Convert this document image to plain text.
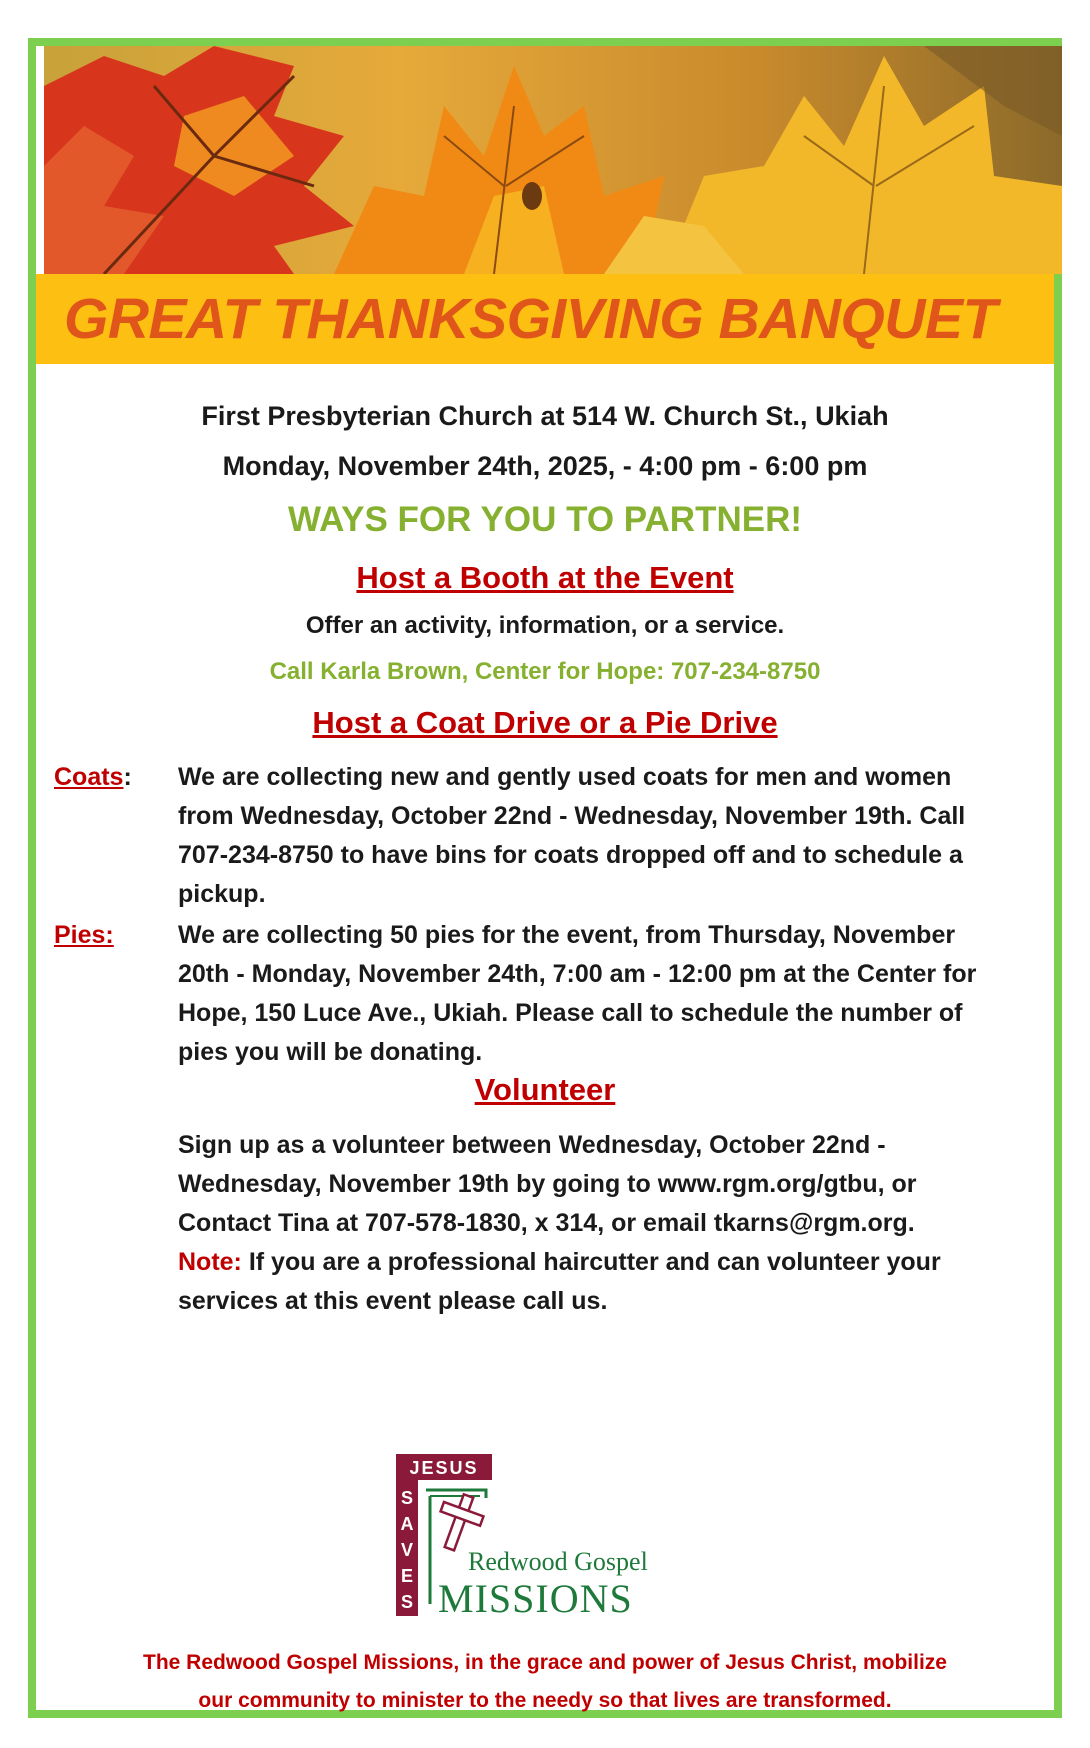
GREAT THANKSGIVING BANQUET
First Presbyterian Church at 514 W. Church St., Ukiah
Monday, November 24th, 2025, - 4:00 pm - 6:00 pm
WAYS FOR YOU TO PARTNER!
Host a Booth at the Event
Offer an activity, information, or a service.
Call Karla Brown, Center for Hope: 707-234-8750
Host a Coat Drive or a Pie Drive
Coats: We are collecting new and gently used coats for men and women from Wednesday, October 22nd - Wednesday, November 19th. Call 707-234-8750 to have bins for coats dropped off and to schedule a pickup.
Pies:	We are collecting 50 pies for the event, from Thursday, November 20th - Monday, November 24th, 7:00 am - 12:00 pm at the Center for Hope, 150 Luce Ave., Ukiah. Please call to schedule the number of pies you will be donating.
Volunteer
Sign up as a volunteer between Wednesday, October 22nd - Wednesday, November 19th by going to www.rgm.org/gtbu, or Contact Tina at 707-578-1830, x 314, or email tkarns@rgm.org. Note: If you are a professional haircutter and can volunteer your services at this event please call us.
JESUS
S
A
V
E
S
Redwood Gospel
MISSIONS
The Redwood Gospel Missions, in the grace and power of Jesus Christ, mobilize
our community to minister to the needy so that lives are transformed.
